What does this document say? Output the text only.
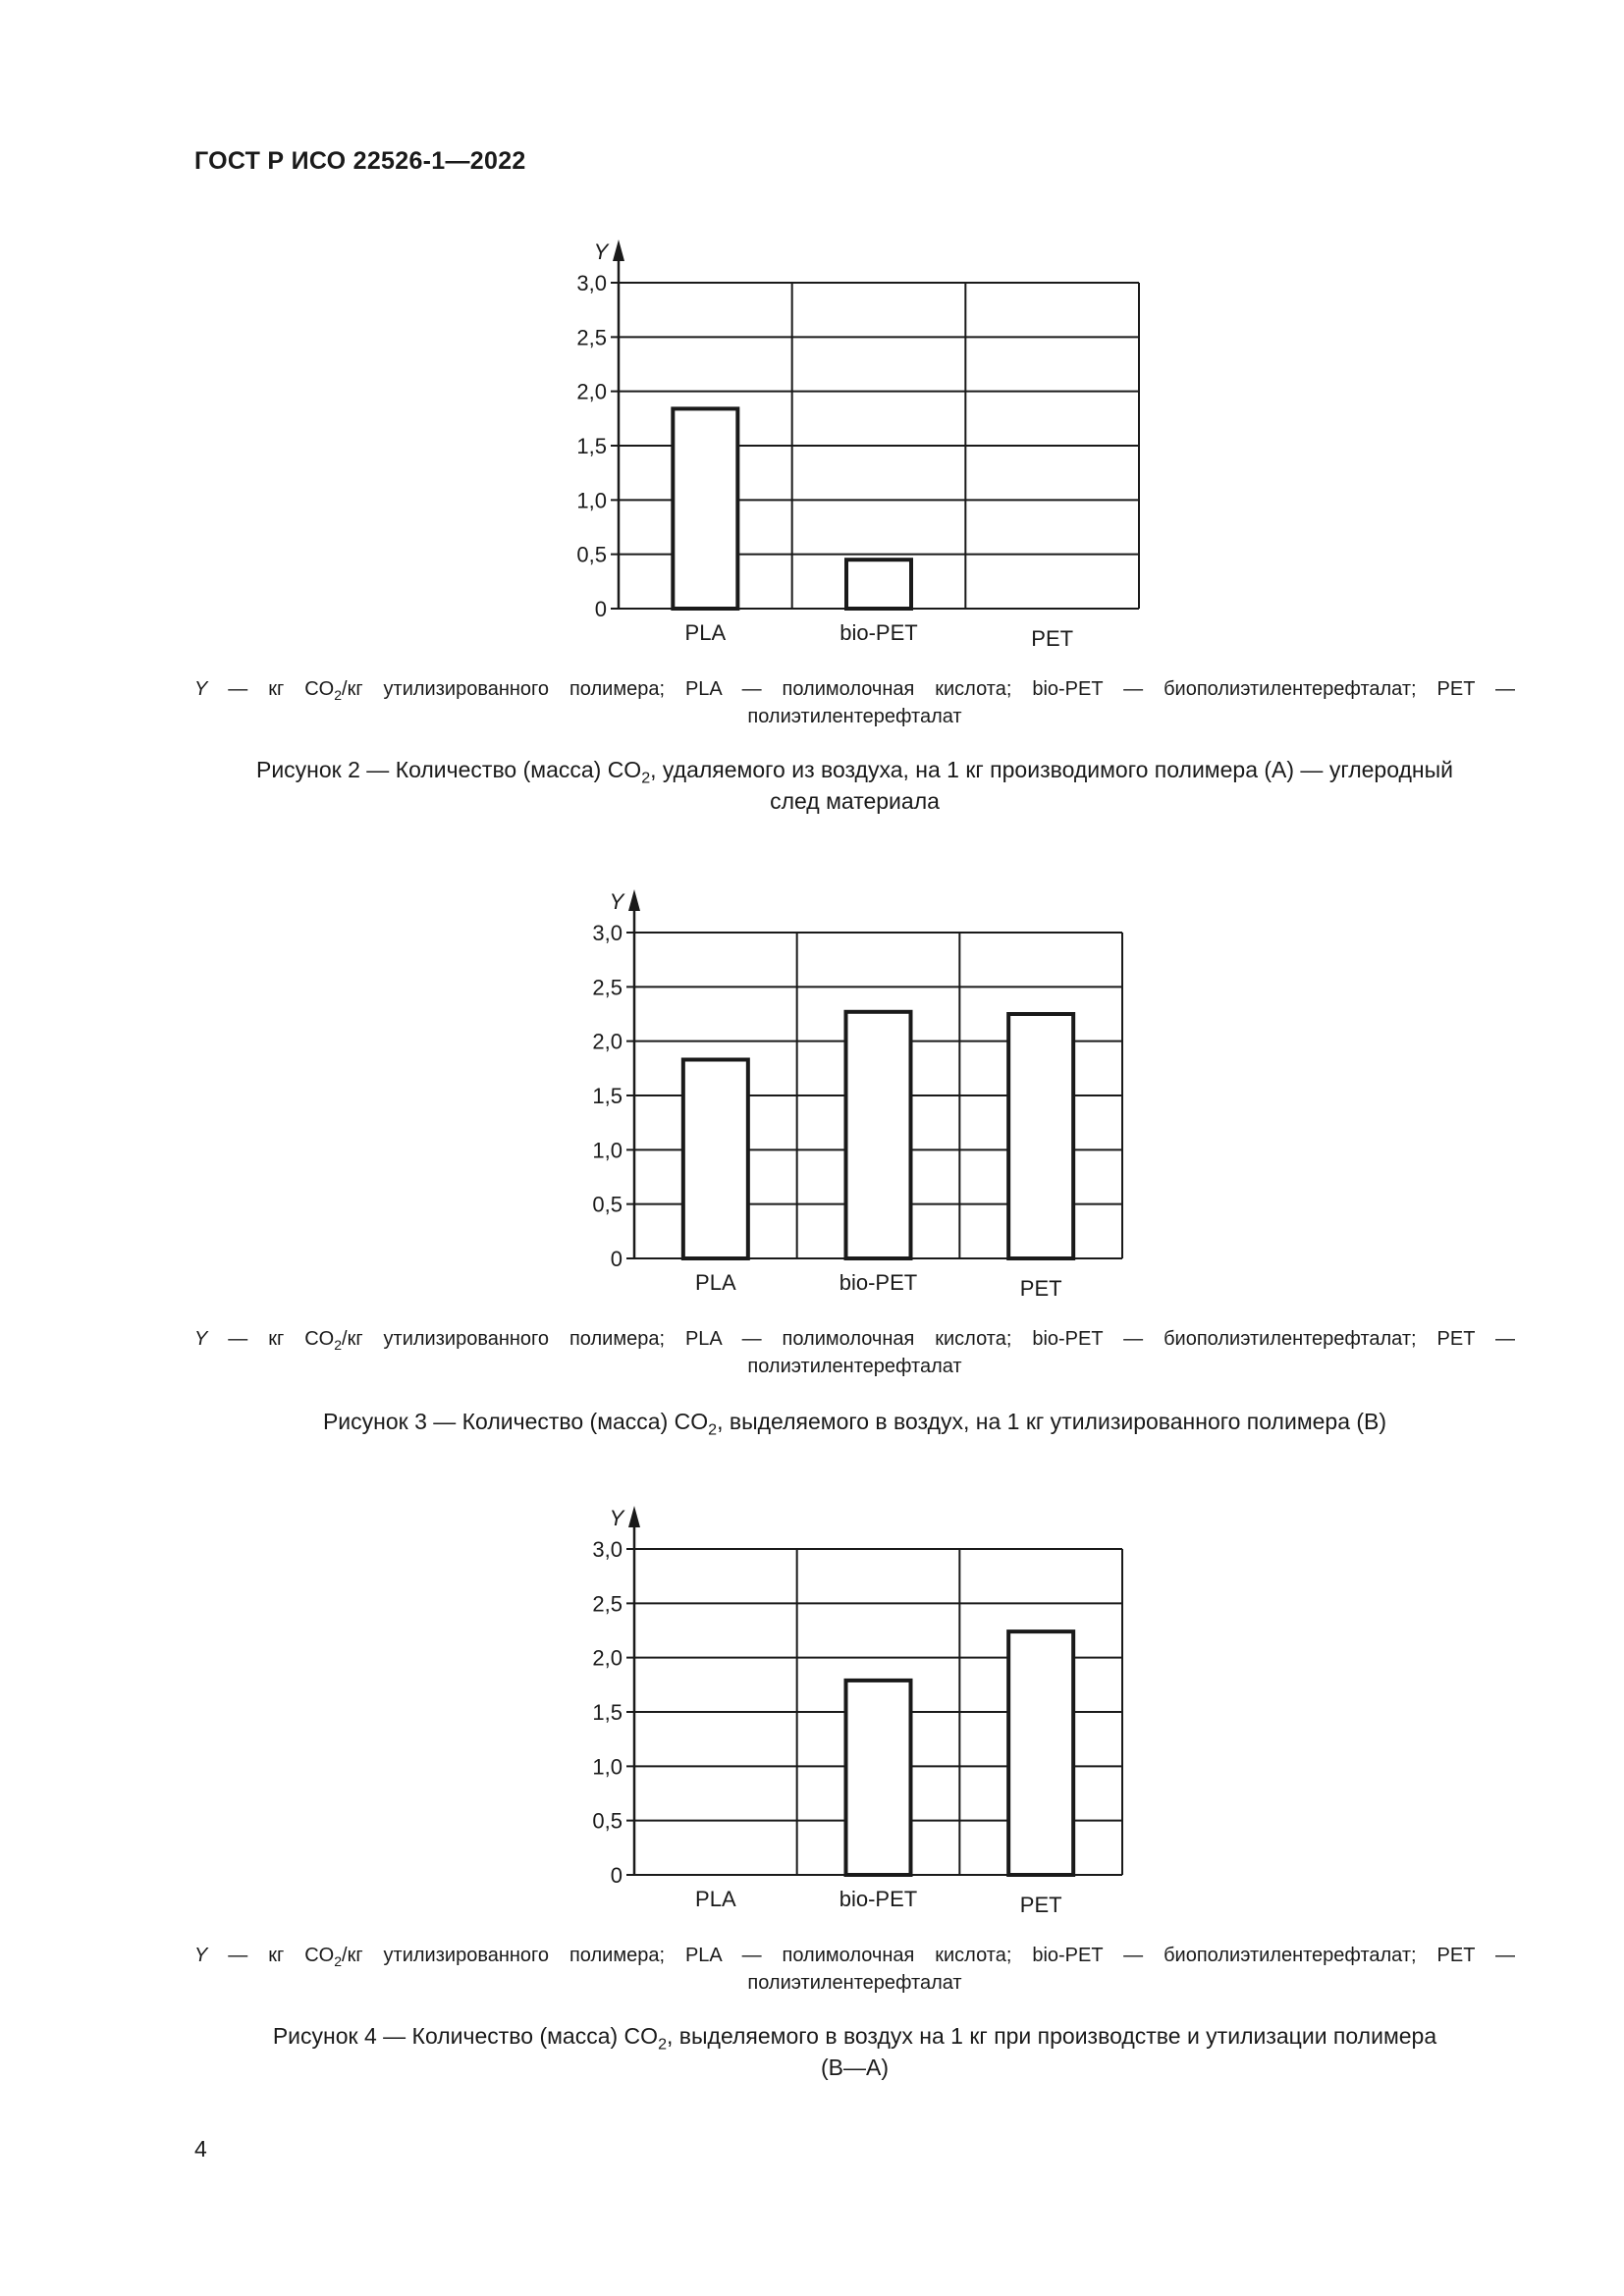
ГОСТ Р ИСО 22526-1—2022
0
0,5
1,0
1,5
2,0
2,5
3,0
Y
PLA	bio-PET	PET
Y — кг $CO_2/кг$ утилизированного полимера; PLA — полимолочная кислота; bio-PET — биополиэтилентерефталат; PET —
полиэтилентерефталат
Рисунок 2 — Количество (масса) $CO_2$, удаляемого из воздуха, на 1 кг производимого полимера (A) — углеродный
след материала
0
0,5
1,0
1,5
2,0
2,5
3,0
Y
PLA	bio-PET	PET
Y — кг $CO_2/кг$ утилизированного полимера; PLA — полимолочная кислота; bio-PET — биополиэтилентерефталат; PET —
полиэтилентерефталат
Рисунок 3 — Количество (масса) $CO_2$, выделяемого в воздух, на 1 кг утилизированного полимера (B)
0
0,5
1,0
1,5
2,0
2,5
3,0
Y
PLA	bio-PET	PET
Y — кг $CO_2/кг$ утилизированного полимера; PLA — полимолочная кислота; bio-PET — биополиэтилентерефталат; PET —
полиэтилентерефталат
Рисунок 4 — Количество (масса) $CO_2$, выделяемого в воздух на 1 кг при производстве и утилизации полимера
(B—A)
4
